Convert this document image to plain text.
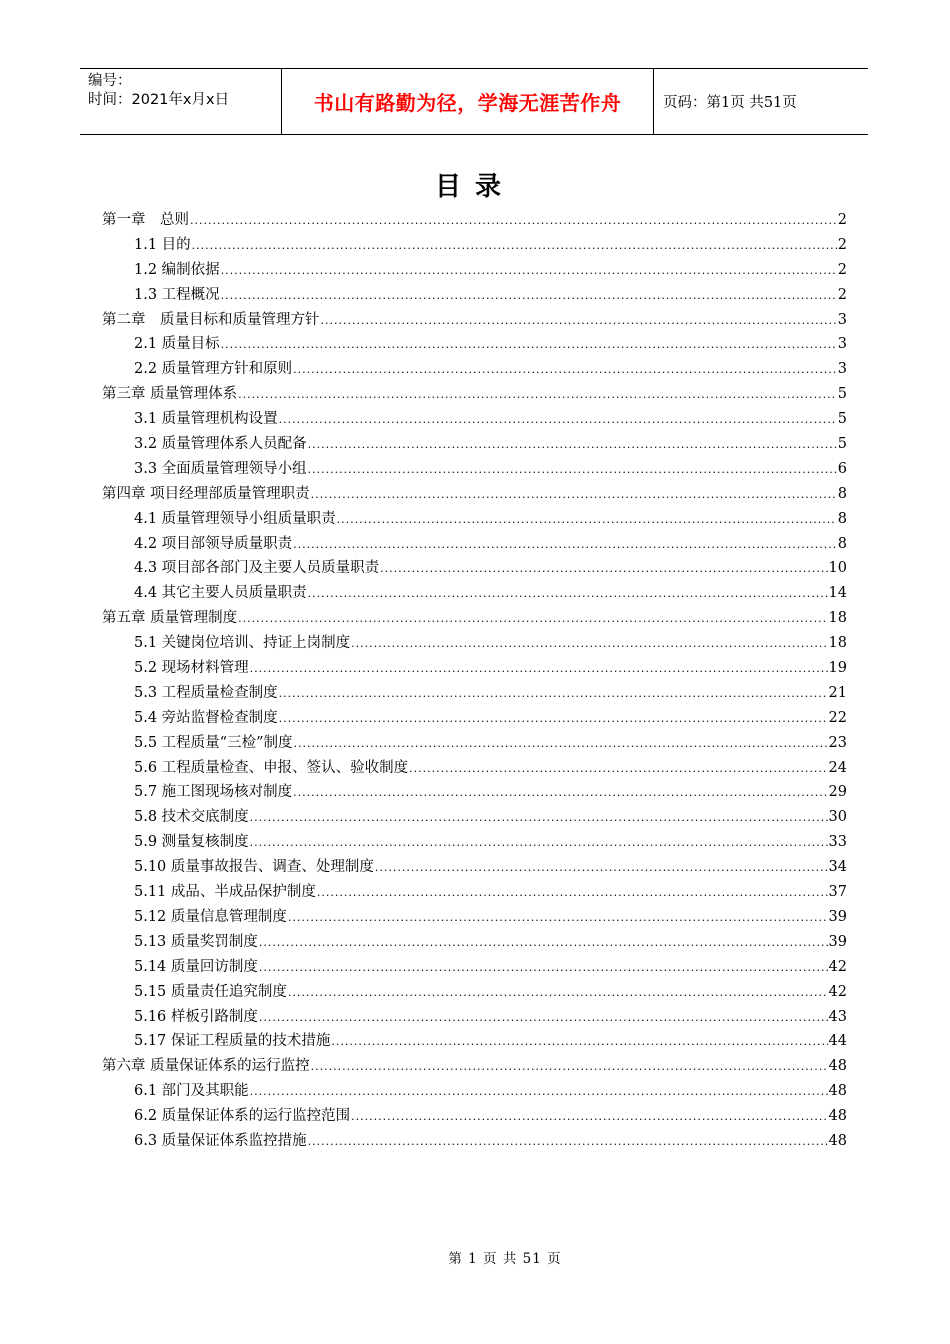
编号：
时间：2021年x月x日	书山有路勤为径，学海无涯苦作舟	页码：第1页 共51页
目录
第一章　总则 .....	2
1.1 目的 .....	2
1.2 编制依据 .....	2
1.3 工程概况 .....	2
第二章　质量目标和质量管理方针 .....	3
2.1 质量目标 .....	3
2.2 质量管理方针和原则 .....	3
第三章 质量管理体系 .....	5
3.1 质量管理机构设置 .....	5
3.2 质量管理体系人员配备 .....	5
3.3 全面质量管理领导小组 .....	6
第四章 项目经理部质量管理职责 .....	8
4.1 质量管理领导小组质量职责 .....	8
4.2 项目部领导质量职责 .....	8
4.3 项目部各部门及主要人员质量职责 .....	10
4.4 其它主要人员质量职责 .....	14
第五章 质量管理制度 .....	18
5.1 关键岗位培训、持证上岗制度 .....	18
5.2 现场材料管理 .....	19
5.3 工程质量检查制度 .....	21
5.4 旁站监督检查制度 .....	22
5.5 工程质量“三检”制度 .....	23
5.6 工程质量检查、申报、签认、验收制度 .....	24
5.7 施工图现场核对制度 .....	29
5.8 技术交底制度 .....	30
5.9 测量复核制度 .....	33
5.10 质量事故报告、调查、处理制度 .....	34
5.11 成品、半成品保护制度 .....	37
5.12 质量信息管理制度 .....	39
5.13 质量奖罚制度 .....	39
5.14 质量回访制度 .....	42
5.15 质量责任追究制度 .....	42
5.16 样板引路制度 .....	43
5.17 保证工程质量的技术措施 .....	44
第六章 质量保证体系的运行监控 .....	48
6.1 部门及其职能 .....	48
6.2 质量保证体系的运行监控范围 .....	48
6.3 质量保证体系监控措施 .....	48
第 1 页 共 51 页
